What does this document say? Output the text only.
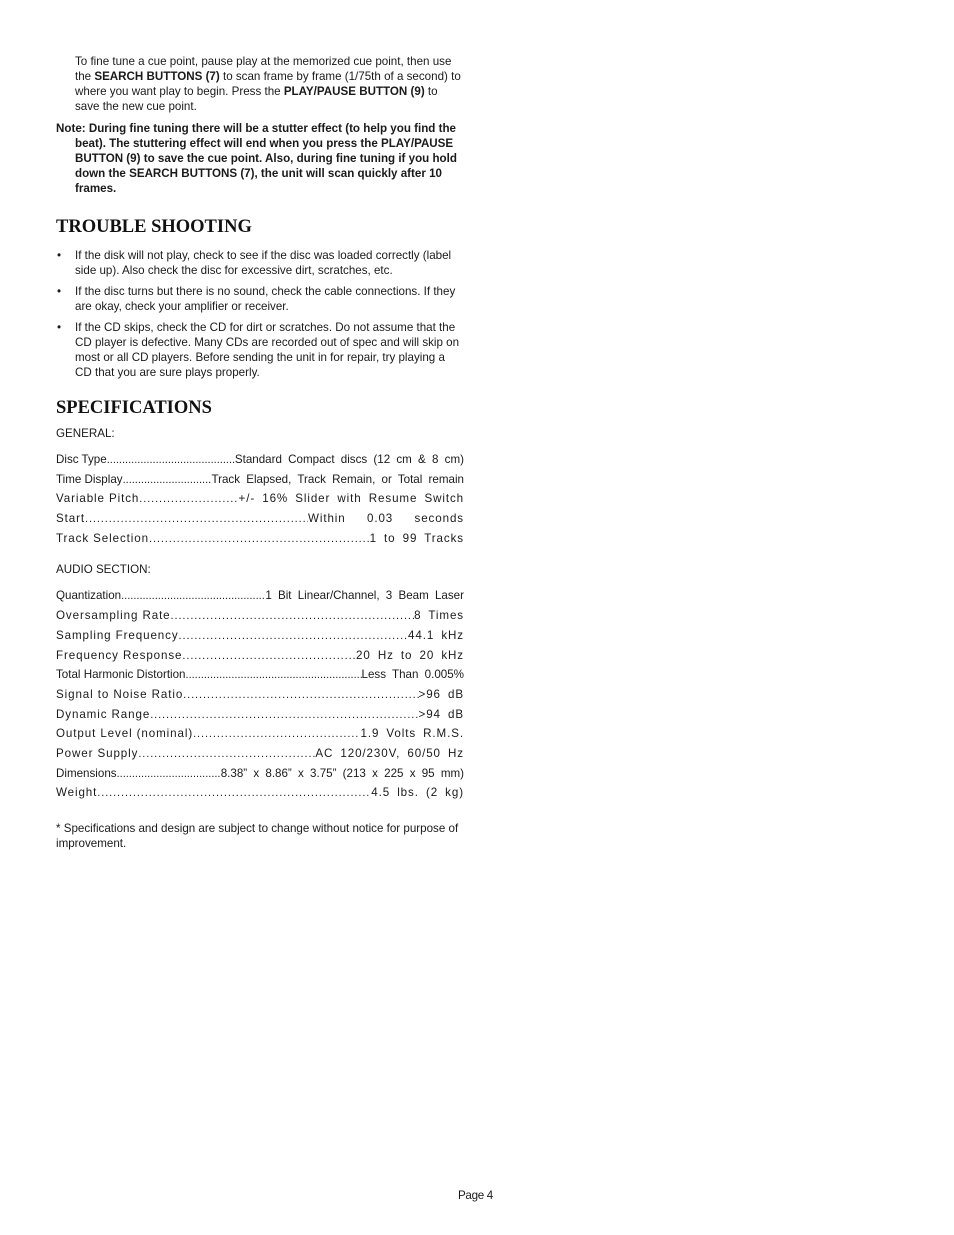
To fine tune a cue point, pause play at the memorized cue point, then use the SEARCH BUTTONS (7) to scan frame by frame (1/75th of a second) to where you want play to begin. Press the PLAY/PAUSE BUTTON (9) to save the new cue point.

Note: During fine tuning there will be a stutter effect (to help you find the beat). The stuttering effect will end when you press the PLAY/PAUSE BUTTON (9) to save the cue point. Also, during fine tuning if you hold down the SEARCH BUTTONS (7), the unit will scan quickly after 10 frames.

TROUBLE SHOOTING
• If the disk will not play, check to see if the disc was loaded correctly (label side up). Also check the disc for excessive dirt, scratches, etc.
• If the disc turns but there is no sound, check the cable connections. If they are okay, check your amplifier or receiver.
• If the CD skips, check the CD for dirt or scratches. Do not assume that the CD player is defective. Many CDs are recorded out of spec and will skip on most or all CD players. Before sending the unit in for repair, try playing a CD that you are sure plays properly.
SPECIFICATIONS
GENERAL:
Disc Type .....	Standard Compact discs (12 cm & 8 cm)
Time Display .....	Track Elapsed, Track Remain, or Total remain
Variable Pitch .....	+/- 16% Slider with Resume Switch
Start .....	Within   0.03   seconds
Track Selection .....	1 to 99 Tracks
AUDIO SECTION:
Quantization .....	1 Bit Linear/Channel, 3 Beam Laser
Oversampling Rate .....	8 Times
Sampling Frequency .....	44.1 kHz
Frequency Response .....	20 Hz to 20 kHz
Total Harmonic Distortion .....	Less Than 0.005%
Signal to Noise Ratio .....	>96 dB
Dynamic Range .....	>94 dB
Output Level (nominal) .....	1.9 Volts R.M.S.
Power Supply .....	AC 120/230V, 60/50 Hz
Dimensions .....	8.38” x 8.86” x 3.75” (213 x 225 x 95 mm)
Weight .....	4.5 lbs. (2 kg)

* Specifications and design are subject to change without notice for purpose of improvement.

Page 4
